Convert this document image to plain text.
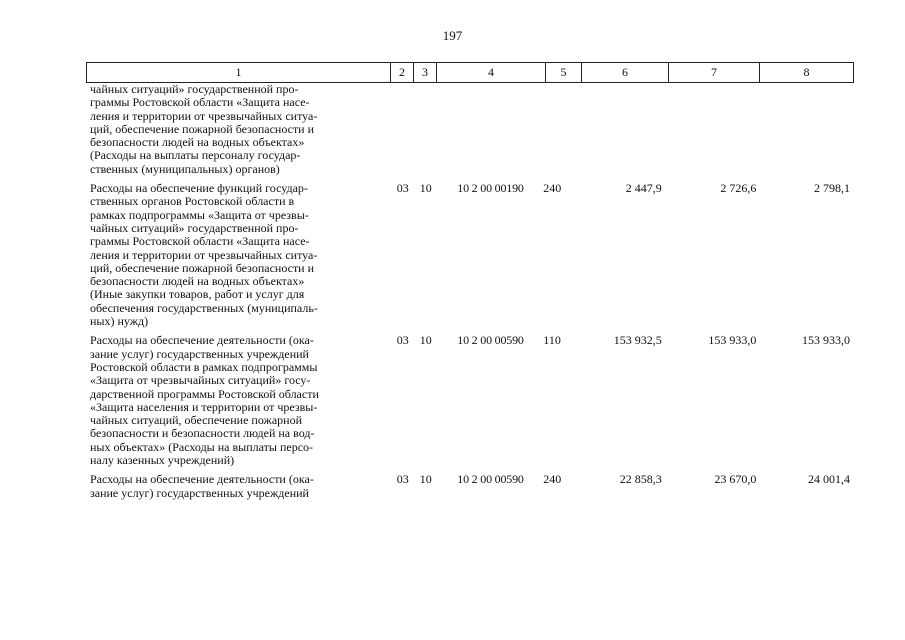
197
1	2	3	4	5	6	7	8
чайных ситуаций» государственной про-
граммы Ростовской области «Защита насе-
ления и территории от чрезвычайных ситуа-
ций, обеспечение пожарной безопасности и
безопасности людей на водных объектах»
(Расходы на выплаты персоналу государ-
ственных (муниципальных) органов)
Расходы на обеспечение функций государ-
ственных органов Ростовской области в
рамках подпрограммы «Защита от чрезвы-
чайных ситуаций» государственной про-
граммы Ростовской области «Защита насе-
ления и территории от чрезвычайных ситуа-
ций, обеспечение пожарной безопасности и
безопасности людей на водных объектах»
(Иные закупки товаров, работ и услуг для
обеспечения государственных (муниципаль-
ных) нужд)
03 10	10 2 00 00190	240	2 447,9	2 726,6	2 798,1
Расходы на обеспечение деятельности (ока-
зание услуг) государственных учреждений
Ростовской области в рамках подпрограммы
«Защита от чрезвычайных ситуаций» госу-
дарственной программы Ростовской области
«Защита населения и территории от чрезвы-
чайных ситуаций, обеспечение пожарной
безопасности и безопасности людей на вод-
ных объектах» (Расходы на выплаты персо-
налу казенных учреждений)
03 10	10 2 00 00590	110	153 932,5	153 933,0	153 933,0
Расходы на обеспечение деятельности (ока-
зание услуг) государственных учреждений
03 10	10 2 00 00590	240	22 858,3	23 670,0	24 001,4
